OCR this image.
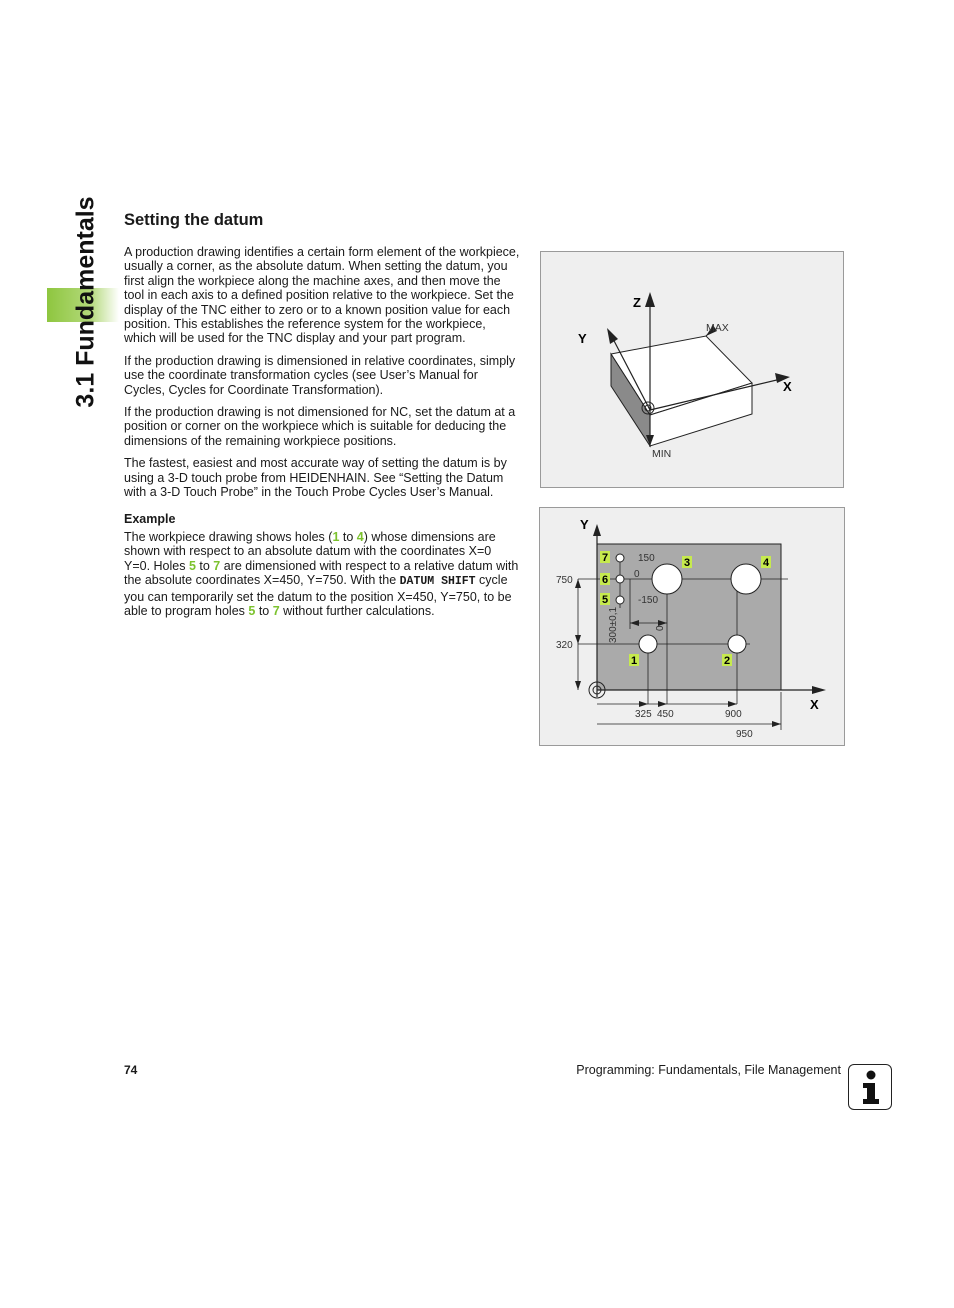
3.1 Fundamentals Setting the datum

A production drawing identifies a certain form element of the workpiece, usually a corner, as the absolute datum. When setting the datum, you first align the workpiece along the machine axes, and then move the tool in each axis to a defined position relative to the workpiece. Set the display of the TNC either to zero or to a known position value for each position. This establishes the reference system for the workpiece, which will be used for the TNC display and your part program.

If the production drawing is dimensioned in relative coordinates, simply use the coordinate transformation cycles (see User’s Manual for Cycles, Cycles for Coordinate Transformation).

If the production drawing is not dimensioned for NC, set the datum at a position or corner on the workpiece which is suitable for deducing the dimensions of the remaining workpiece positions.

The fastest, easiest and most accurate way of setting the datum is by using a 3-D touch probe from HEIDENHAIN. See “Setting the Datum with a 3-D Touch Probe” in the Touch Probe Cycles User’s Manual.

Example

The workpiece drawing shows holes (1 to 4) whose dimensions are shown with respect to an absolute datum with the coordinates X=0 Y=0. Holes 5 to 7 are dimensioned with respect to a relative datum with the absolute coordinates X=450, Y=750. With the DATUM SHIFT cycle you can temporarily set the datum to the position X=450, Y=750, to be able to program holes 5 to 7 without further calculations.

Z
Y
X
MAX
MIN
Y
X
7
6
5
3	4
1	2
150
0
-150
0
750
320
300±0,1
325 450	900
950
74	Programming: Fundamentals, File Management
